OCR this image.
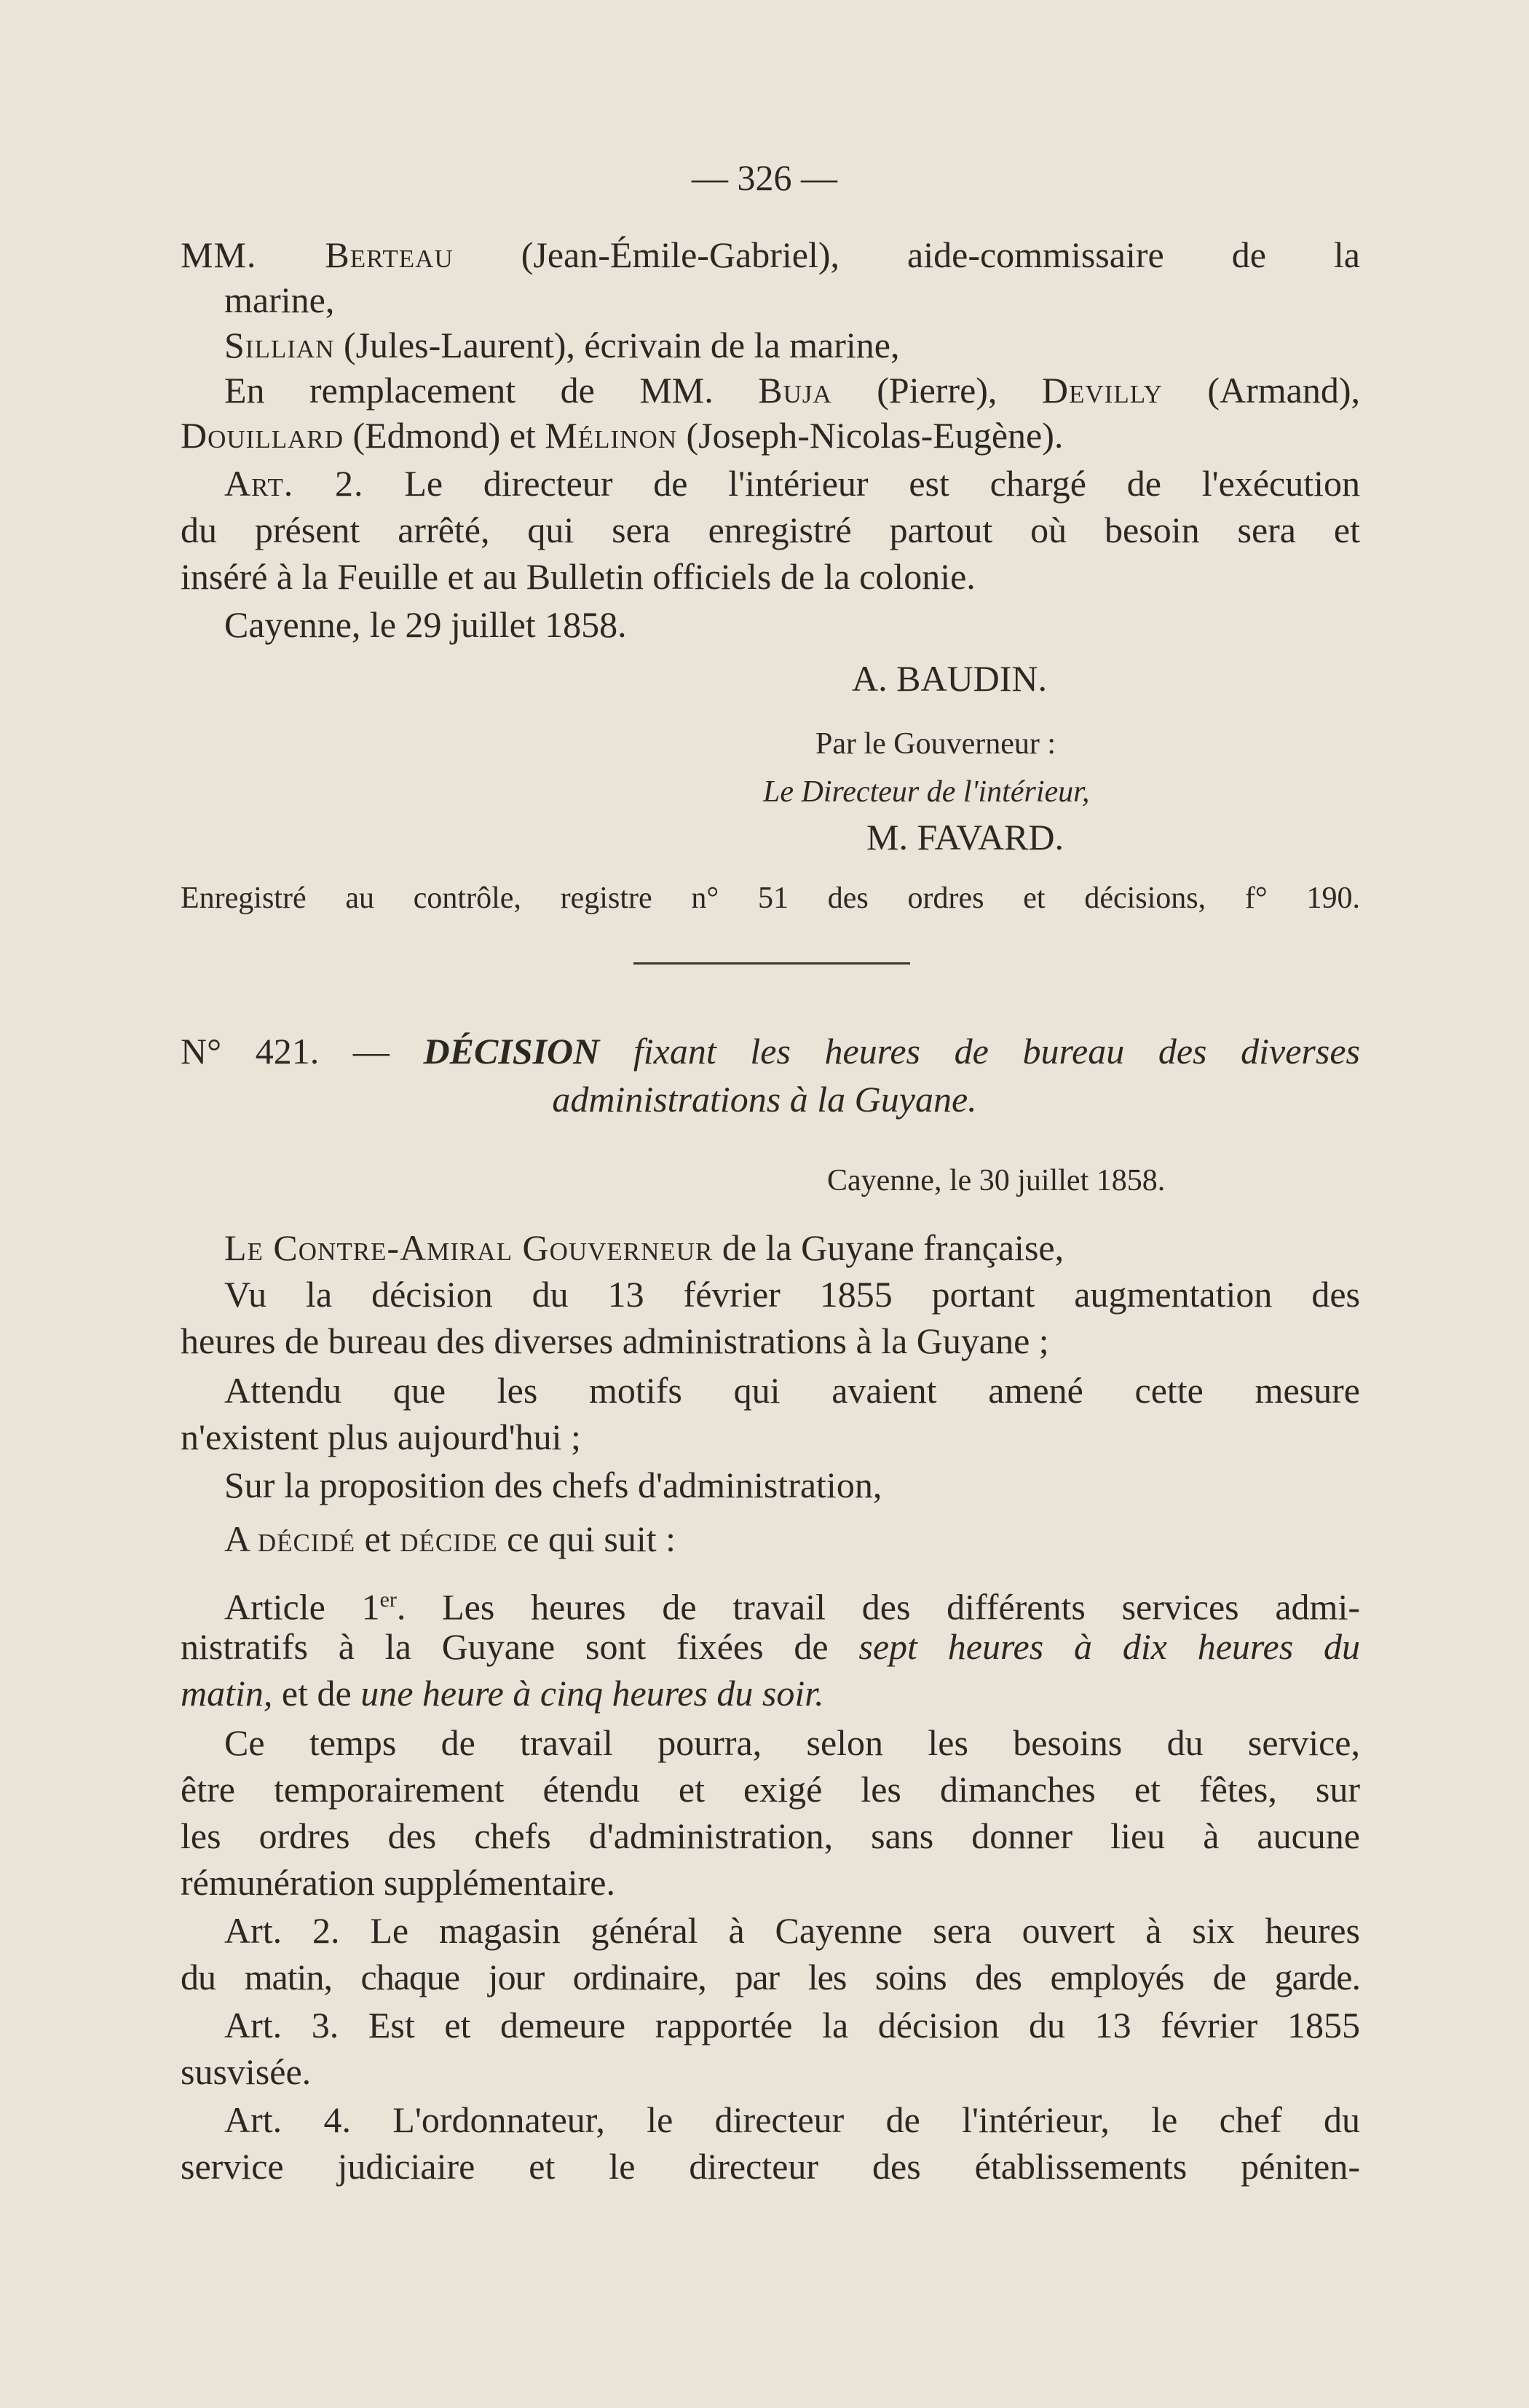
— 326 —
MM. Berteau (Jean-Émile-Gabriel), aide-commissaire de la
marine,
Sillian (Jules-Laurent), écrivain de la marine,
En remplacement de MM. Buja (Pierre), Devilly (Armand),
Douillard (Edmond) et Mélinon (Joseph-Nicolas-Eugène).
Art. 2. Le directeur de l'intérieur est chargé de l'exécution
du présent arrêté, qui sera enregistré partout où besoin sera et
inséré à la Feuille et au Bulletin officiels de la colonie.
Cayenne, le 29 juillet 1858.
A. BAUDIN.
Par le Gouverneur :
Le Directeur de l'intérieur,
M. FAVARD.
Enregistré au contrôle, registre n° 51 des ordres et décisions, f° 190.
N° 421. — DÉCISION fixant les heures de bureau des diverses
administrations à la Guyane.
Cayenne, le 30 juillet 1858.
Le Contre-Amiral Gouverneur de la Guyane française,
Vu la décision du 13 février 1855 portant augmentation des
heures de bureau des diverses administrations à la Guyane ;
Attendu que les motifs qui avaient amené cette mesure
n'existent plus aujourd'hui ;
Sur la proposition des chefs d'administration,
A décidé et décide ce qui suit :
Article 1er. Les heures de travail des différents services admi-
nistratifs à la Guyane sont fixées de sept heures à dix heures du
matin, et de une heure à cinq heures du soir.
Ce temps de travail pourra, selon les besoins du service,
être temporairement étendu et exigé les dimanches et fêtes, sur
les ordres des chefs d'administration, sans donner lieu à aucune
rémunération supplémentaire.
Art. 2. Le magasin général à Cayenne sera ouvert à six heures
du matin, chaque jour ordinaire, par les soins des employés de garde.
Art. 3. Est et demeure rapportée la décision du 13 février 1855
susvisée.
Art. 4. L'ordonnateur, le directeur de l'intérieur, le chef du
service judiciaire et le directeur des établissements péniten-
